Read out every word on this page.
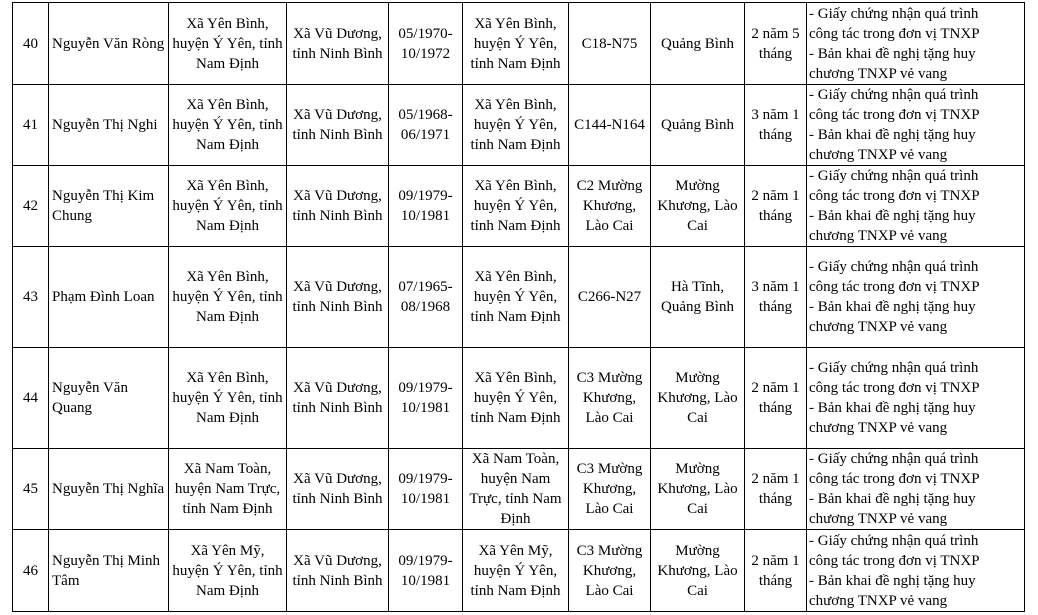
40	Nguyễn Văn Ròng	Xã Yên Bình, huyện Ý Yên, tỉnh Nam Định	Xã Vũ Dương, tỉnh Ninh Bình	05/1970-10/1972	Xã Yên Bình, huyện Ý Yên, tỉnh Nam Định	C18-N75	Quảng Bình	2 năm 5 tháng	- Giấy chứng nhận quá trình
công tác trong đơn vị TNXP
- Bản khai đề nghị tặng huy
chương TNXP vẻ vang

41	Nguyễn Thị Nghi	Xã Yên Bình, huyện Ý Yên, tỉnh Nam Định	Xã Vũ Dương, tỉnh Ninh Bình	05/1968-06/1971	Xã Yên Bình, huyện Ý Yên, tỉnh Nam Định	C144-N164	Quảng Bình	3 năm 1 tháng	- Giấy chứng nhận quá trình
công tác trong đơn vị TNXP
- Bản khai đề nghị tặng huy
chương TNXP vẻ vang

42	Nguyễn Thị Kim Chung	Xã Yên Bình, huyện Ý Yên, tỉnh Nam Định	Xã Vũ Dương, tỉnh Ninh Bình	09/1979-10/1981	Xã Yên Bình, huyện Ý Yên, tỉnh Nam Định	C2 Mường Khương, Lào Cai	Mường Khương, Lào Cai	2 năm 1 tháng	- Giấy chứng nhận quá trình
công tác trong đơn vị TNXP
- Bản khai đề nghị tặng huy
chương TNXP vẻ vang

43	Phạm Đình Loan	Xã Yên Bình, huyện Ý Yên, tỉnh Nam Định	Xã Vũ Dương, tỉnh Ninh Bình	07/1965-08/1968	Xã Yên Bình, huyện Ý Yên, tỉnh Nam Định	C266-N27	Hà Tĩnh, Quảng Bình	3 năm 1 tháng	- Giấy chứng nhận quá trình
công tác trong đơn vị TNXP
- Bản khai đề nghị tặng huy
chương TNXP vẻ vang

44	Nguyễn Văn Quang	Xã Yên Bình, huyện Ý Yên, tỉnh Nam Định	Xã Vũ Dương, tỉnh Ninh Bình	09/1979-10/1981	Xã Yên Bình, huyện Ý Yên, tỉnh Nam Định	C3 Mường Khương, Lào Cai	Mường Khương, Lào Cai	2 năm 1 tháng	- Giấy chứng nhận quá trình
công tác trong đơn vị TNXP
- Bản khai đề nghị tặng huy
chương TNXP vẻ vang

45	Nguyễn Thị Nghĩa	Xã Nam Toàn, huyện Nam Trực, tỉnh Nam Định	Xã Vũ Dương, tỉnh Ninh Bình	09/1979-10/1981	Xã Nam Toàn, huyện Nam Trực, tỉnh Nam Định	C3 Mường Khương, Lào Cai	Mường Khương, Lào Cai	2 năm 1 tháng	- Giấy chứng nhận quá trình
công tác trong đơn vị TNXP
- Bản khai đề nghị tặng huy
chương TNXP vẻ vang

46	Nguyễn Thị Minh Tâm	Xã Yên Mỹ, huyện Ý Yên, tỉnh Nam Định	Xã Vũ Dương, tỉnh Ninh Bình	09/1979-10/1981	Xã Yên Mỹ, huyện Ý Yên, tỉnh Nam Định	C3 Mường Khương, Lào Cai	Mường Khương, Lào Cai	2 năm 1 tháng	- Giấy chứng nhận quá trình
công tác trong đơn vị TNXP
- Bản khai đề nghị tặng huy
chương TNXP vẻ vang
